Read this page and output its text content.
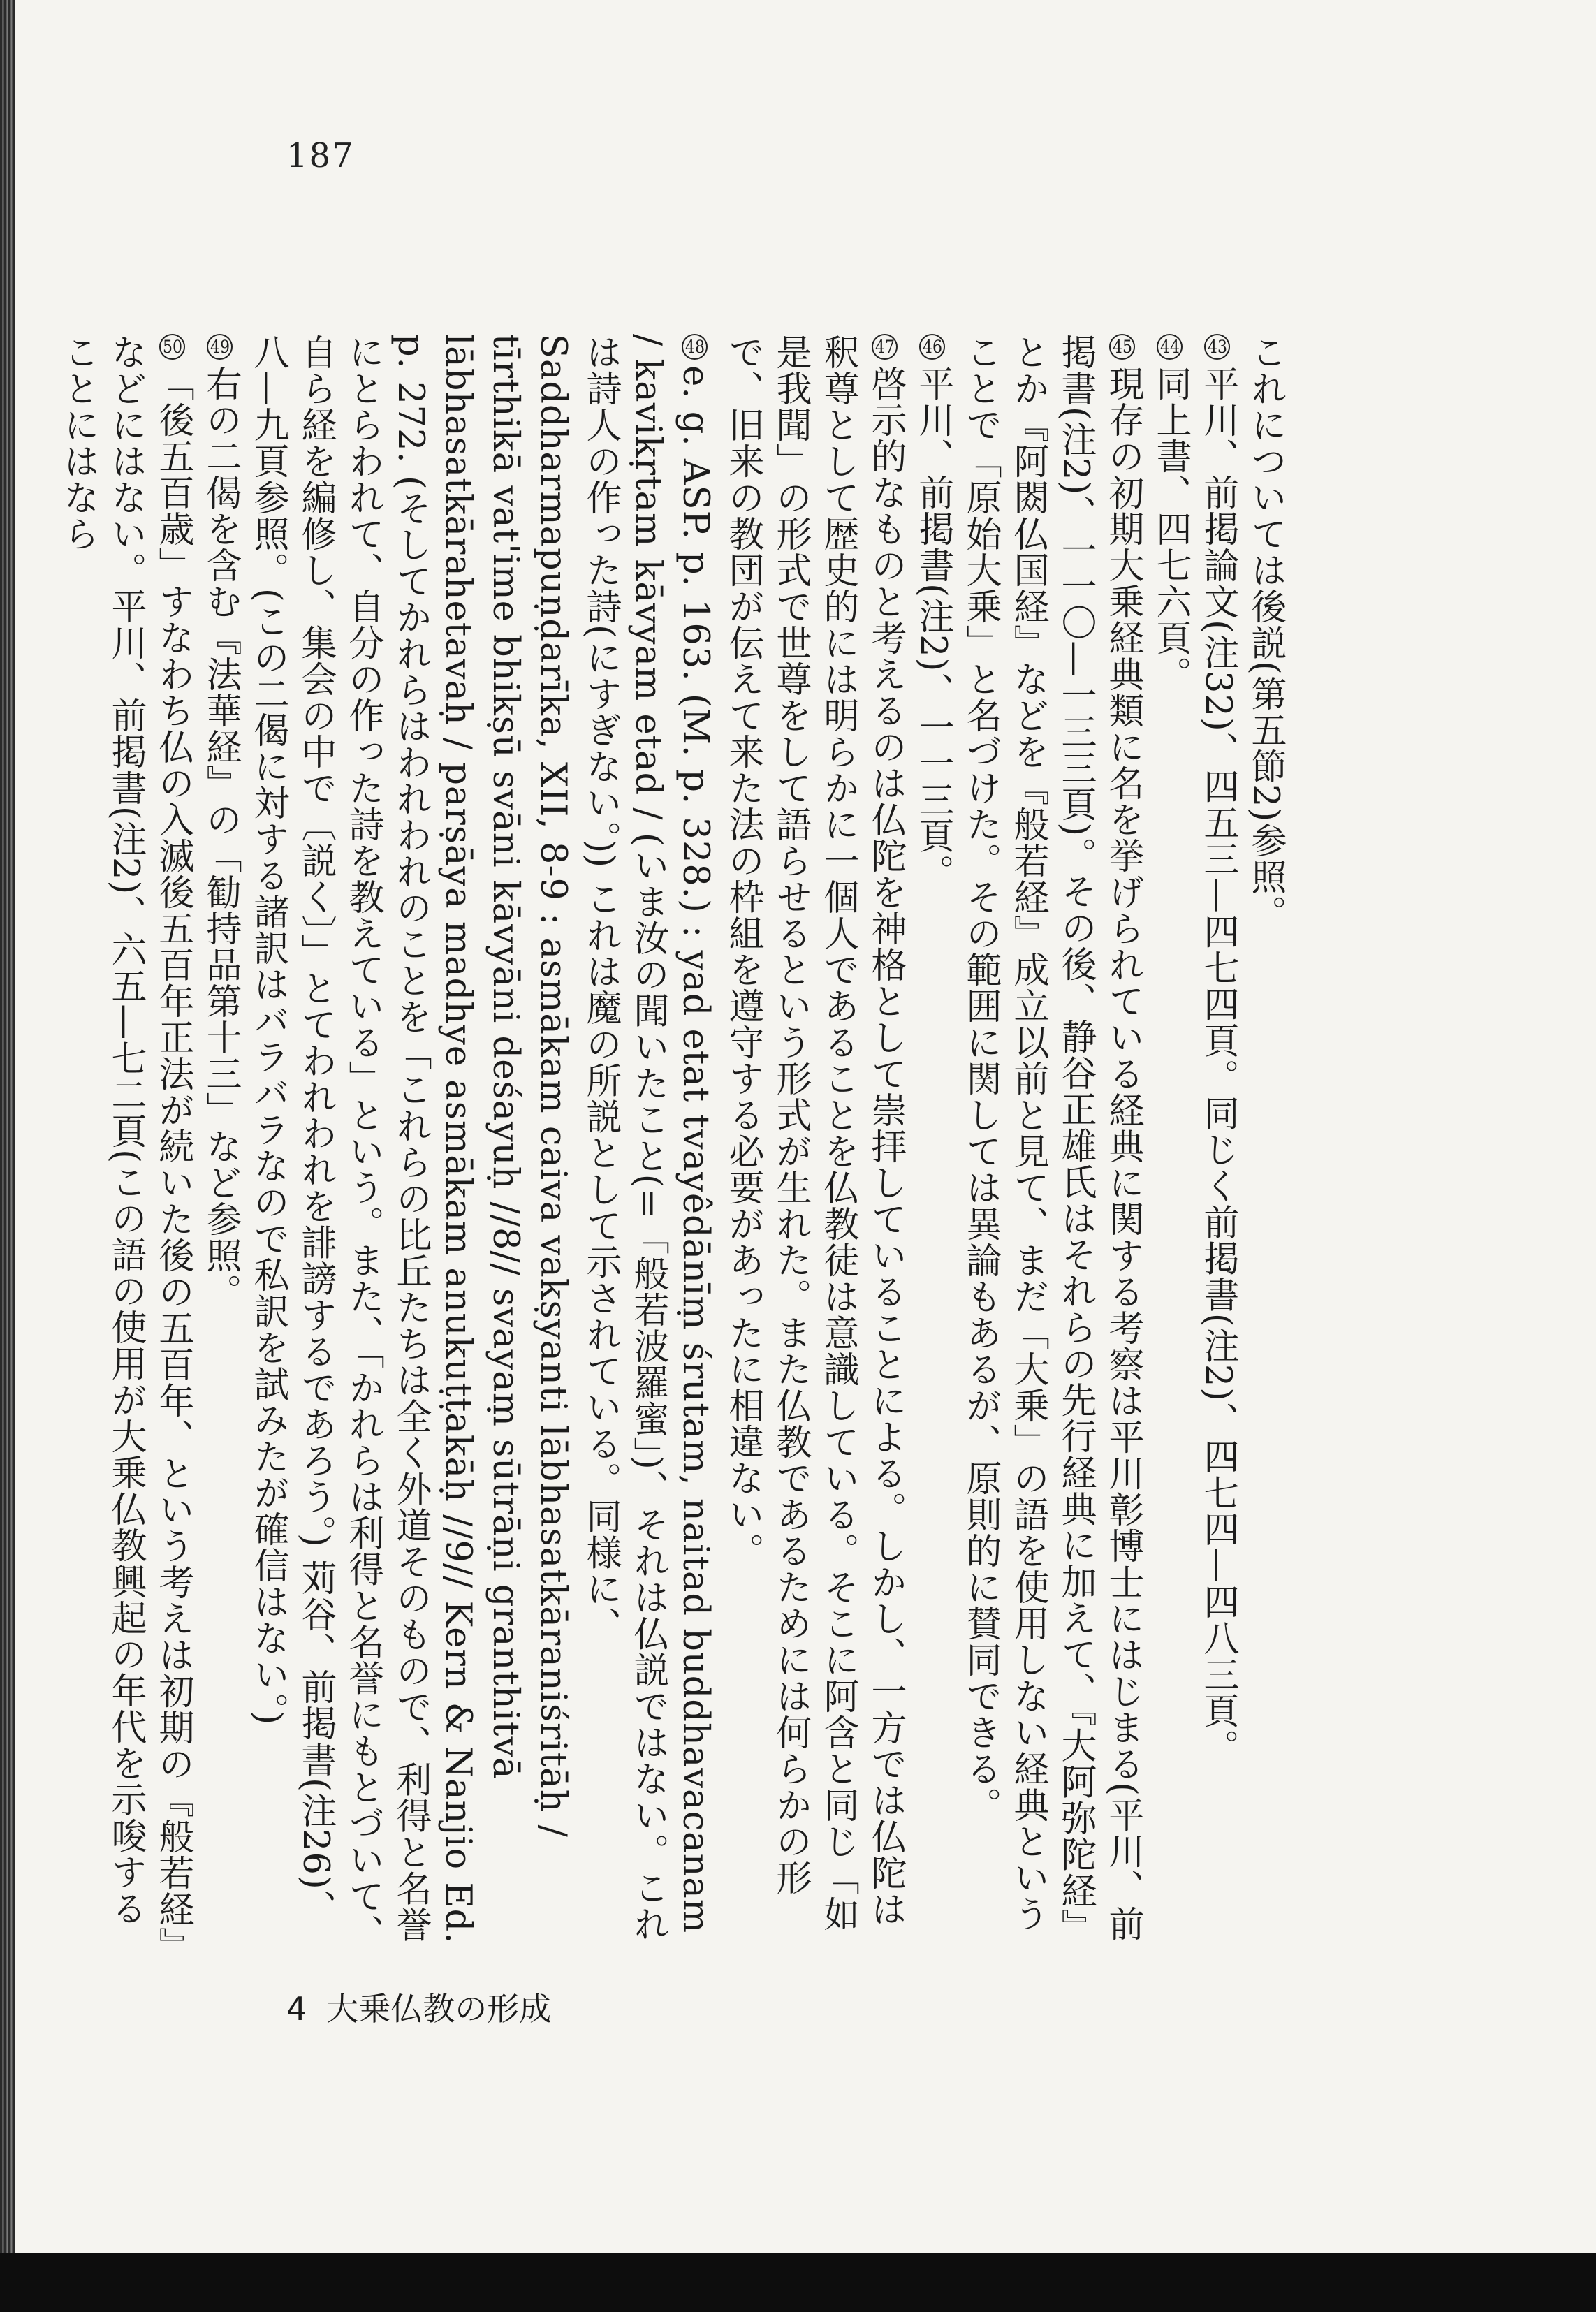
187

これについては後説(第五節2)参照。

43平川、前掲論文(注32)、四五三—四七四頁。同じく前掲書(注2)、四七四—四八三頁。

44同上書、四七六頁。

45現存の初期大乗経典類に名を挙げられている経典に関する考察は平川彰博士にはじまる(平川、前掲書(注2)、一一〇—一三三頁)。その後、静谷正雄氏はそれらの先行経典に加えて、『大阿弥陀経』とか『阿閦仏国経』などを『般若経』成立以前と見て、まだ「大乗」の語を使用しない経典ということで「原始大乗」と名づけた。その範囲に関しては異論もあるが、原則的に賛同できる。

46平川、前掲書(注2)、一一三頁。

47啓示的なものと考えるのは仏陀を神格として崇拝していることによる。しかし、一方では仏陀は釈尊として歴史的には明らかに一個人であることを仏教徒は意識している。そこに阿含と同じ「如是我聞」の形式で世尊をして語らせるという形式が生れた。また仏教であるためには何らかの形で、旧来の教団が伝えて来た法の枠組を遵守する必要があったに相違ない。

48e. g. ASP. p. 163. (M. p. 328.) : yad etat tvayêdānīṃ śrutam, naitad buddhavacanam / kavikṛtam kāvyam etad / (いま汝の聞いたこと(=「般若波羅蜜」)、それは仏説ではない。これは詩人の作った詩(にすぎない。)) これは魔の所説として示されている。同様に、Saddharmapuṇḍarīka, XII, 8-9 : asmākam caiva vakṣyanti lābhasatkāraniśritāḥ / tīrthikā vat'ime bhikṣū svāni kāvyāni deśayuḥ //8// svayaṃ sūtrāṇi granthitvā lābhasatkārahetavaḥ / parṣāya madhye asmākam anukuṭṭakāḥ //9// Kern & Nanjio Ed. p. 272. (そしてかれらはわれわれのことを「これらの比丘たちは全く外道そのもので、利得と名誉にとらわれて、自分の作った詩を教えている」という。また、「かれらは利得と名誉にもとづいて、自ら経を編修し、集会の中で〔説く〕」とてわれわれを誹謗するであろう。) 苅谷、前掲書(注26)、八—九頁参照。(この二偈に対する諸訳はバラバラなので私訳を試みたが確信はない。)

49右の二偈を含む『法華経』の「勧持品第十三」など参照。

50「後五百歳」すなわち仏の入滅後五百年正法が続いた後の五百年、という考えは初期の『般若経』などにはない。平川、前掲書(注2)、六五—七二頁(この語の使用が大乗仏教興起の年代を示唆することにはなら

4 大乗仏教の形成
